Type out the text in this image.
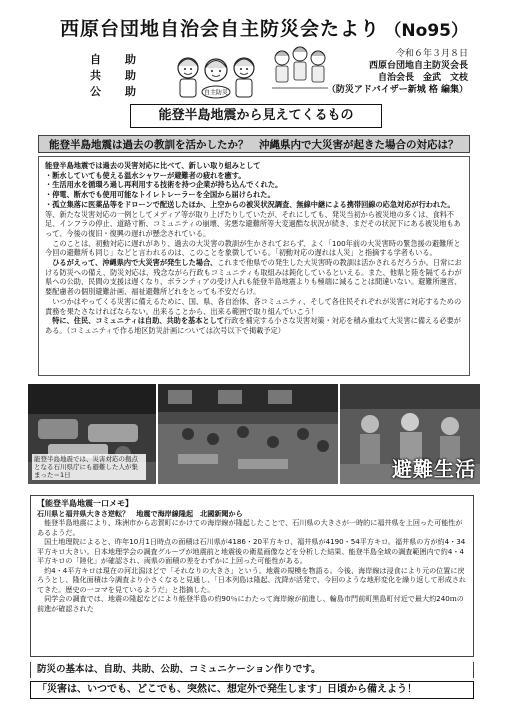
西原台団地自治会自主防災会たより （No95）
自 助
共 助
公 助	自主防災
令和６年３月８日
西原台団地自主防災会長
自治会長　金武　文枝
（防災アドバイザー新城 格 編集）
能登半島地震から見えてくるもの
能登半島地震は過去の教訓を活かしたか？　沖縄県内で大災害が起きた場合の対応は？

能登半島地震では過去の災害対応に比べて、新しい取り組みとして

・断水していても使える温水シャワーが避難者の疲れを癒す。

・生活用水を循環ろ過し再利用する技術を持つ企業が持ち込んでくれた。

・停電、断水でも使用可能なトイレトレーラーを全国から届けられた。

・孤立集落に医薬品等をドローンで配送したほか、上空からの被災状況調査、無線中継による携帯回線の応急対応が行われた。

等、新たな災害対応の一例としてメディア等が取り上げたりしていたが、それにしても、発災当初から被災地の多くは、食料不足、インフラの停止、道路寸断、コミュニティの崩壊、劣悪な避難所等大変過酷な状況が続き、まだその状況下にある被災地もあって、今後の復旧・復興の遅れが懸念されている。

このことは、初動対応に遅れがあり、過去の大災害の教訓が生かされておらず、よく「100年前の大災害時の緊急援の避難所と今回の避難所も同じ」などと言われるのは、このことを象徴している。「初動対応の遅れは人災」と指摘する学者もいる。

ひるがえって、沖縄県内で大災害が発生した場合、これまで他県での発生した大災害時の教訓は活かされるだろうか。日常における防災への備え、防災対応は、残念ながら行政もコミュニティも取組みは鈍化しているといえる。また、他県と陸を隔てるわが県への公助、民間の支援は遅くなり、ボランティアの受け入れも能登半島地震よりも極端に減ることは間違いない。避難所運営、要配慮者の個別避難計画、福祉避難所どれをとっても不安だらけ。

いつかはやってくる災害に備えるために、国、県、各自治体、各コミュニティ、そして各住民それぞれが災害に対応するための責務を果たさなければならない。出来ることから、出来る範囲で取り組んでいこう！

特に、住民、コミュニティは自助、共助を基本として行政を補完する小さな災害対策・対応を積み重ねて大災害に備える必要がある。（コミュニティで作る地区防災計画については次号以下で掲載予定）

能登半島地震では、災害対応の拠点となる石川県庁にも避難した人が集まった＝1日	避難生活

【能登半島地震一口メモ】

石川県と福井県大きさ逆転？　地震で海岸線隆起　北國新聞から

能登半島地震により、珠洲市から志賀町にかけての海岸線が隆起したことで、石川県の大きさが一時的に福井県を上回った可能性があるようだ。

国土地理院によると、昨年10月1日時点の面積は石川県が4186・20平方キロ、福井県が4190・54平方キロ。福井県の方が約4・34平方キロ大きい。日本地理学会の調査グループが地震前と地震後の衛星画像などを分析した結果、能登半島全域の調査範囲内で約4・4平方キロの「陸化」が確認され、両県の面積の差をわずかに上回った可能性がある。

約4・4平方キロは現在の河北潟ほどで「それなりの大きさ」という。地震の規模を物語る。今後、海岸線は浸食により元の位置に戻ろうとし、隆化面積は今調査より小さくなると見通し、「日本列島は隆起、沈降が活発で、今回のような地形変化を繰り返して形成されてきた。歴史の一コマを見ているようだ」と指摘した。

同学会の調査では、地震の隆起などにより能登半島の約90％にわたって海岸線が前進し、輪島市門前町黒島町付近で最大約240ｍの前進が確認された

防災の基本は、自助、共助、公助、コミュニケーション作りです。
「災害は、いつでも、どこでも、突然に、想定外で発生します」日頃から備えよう！
